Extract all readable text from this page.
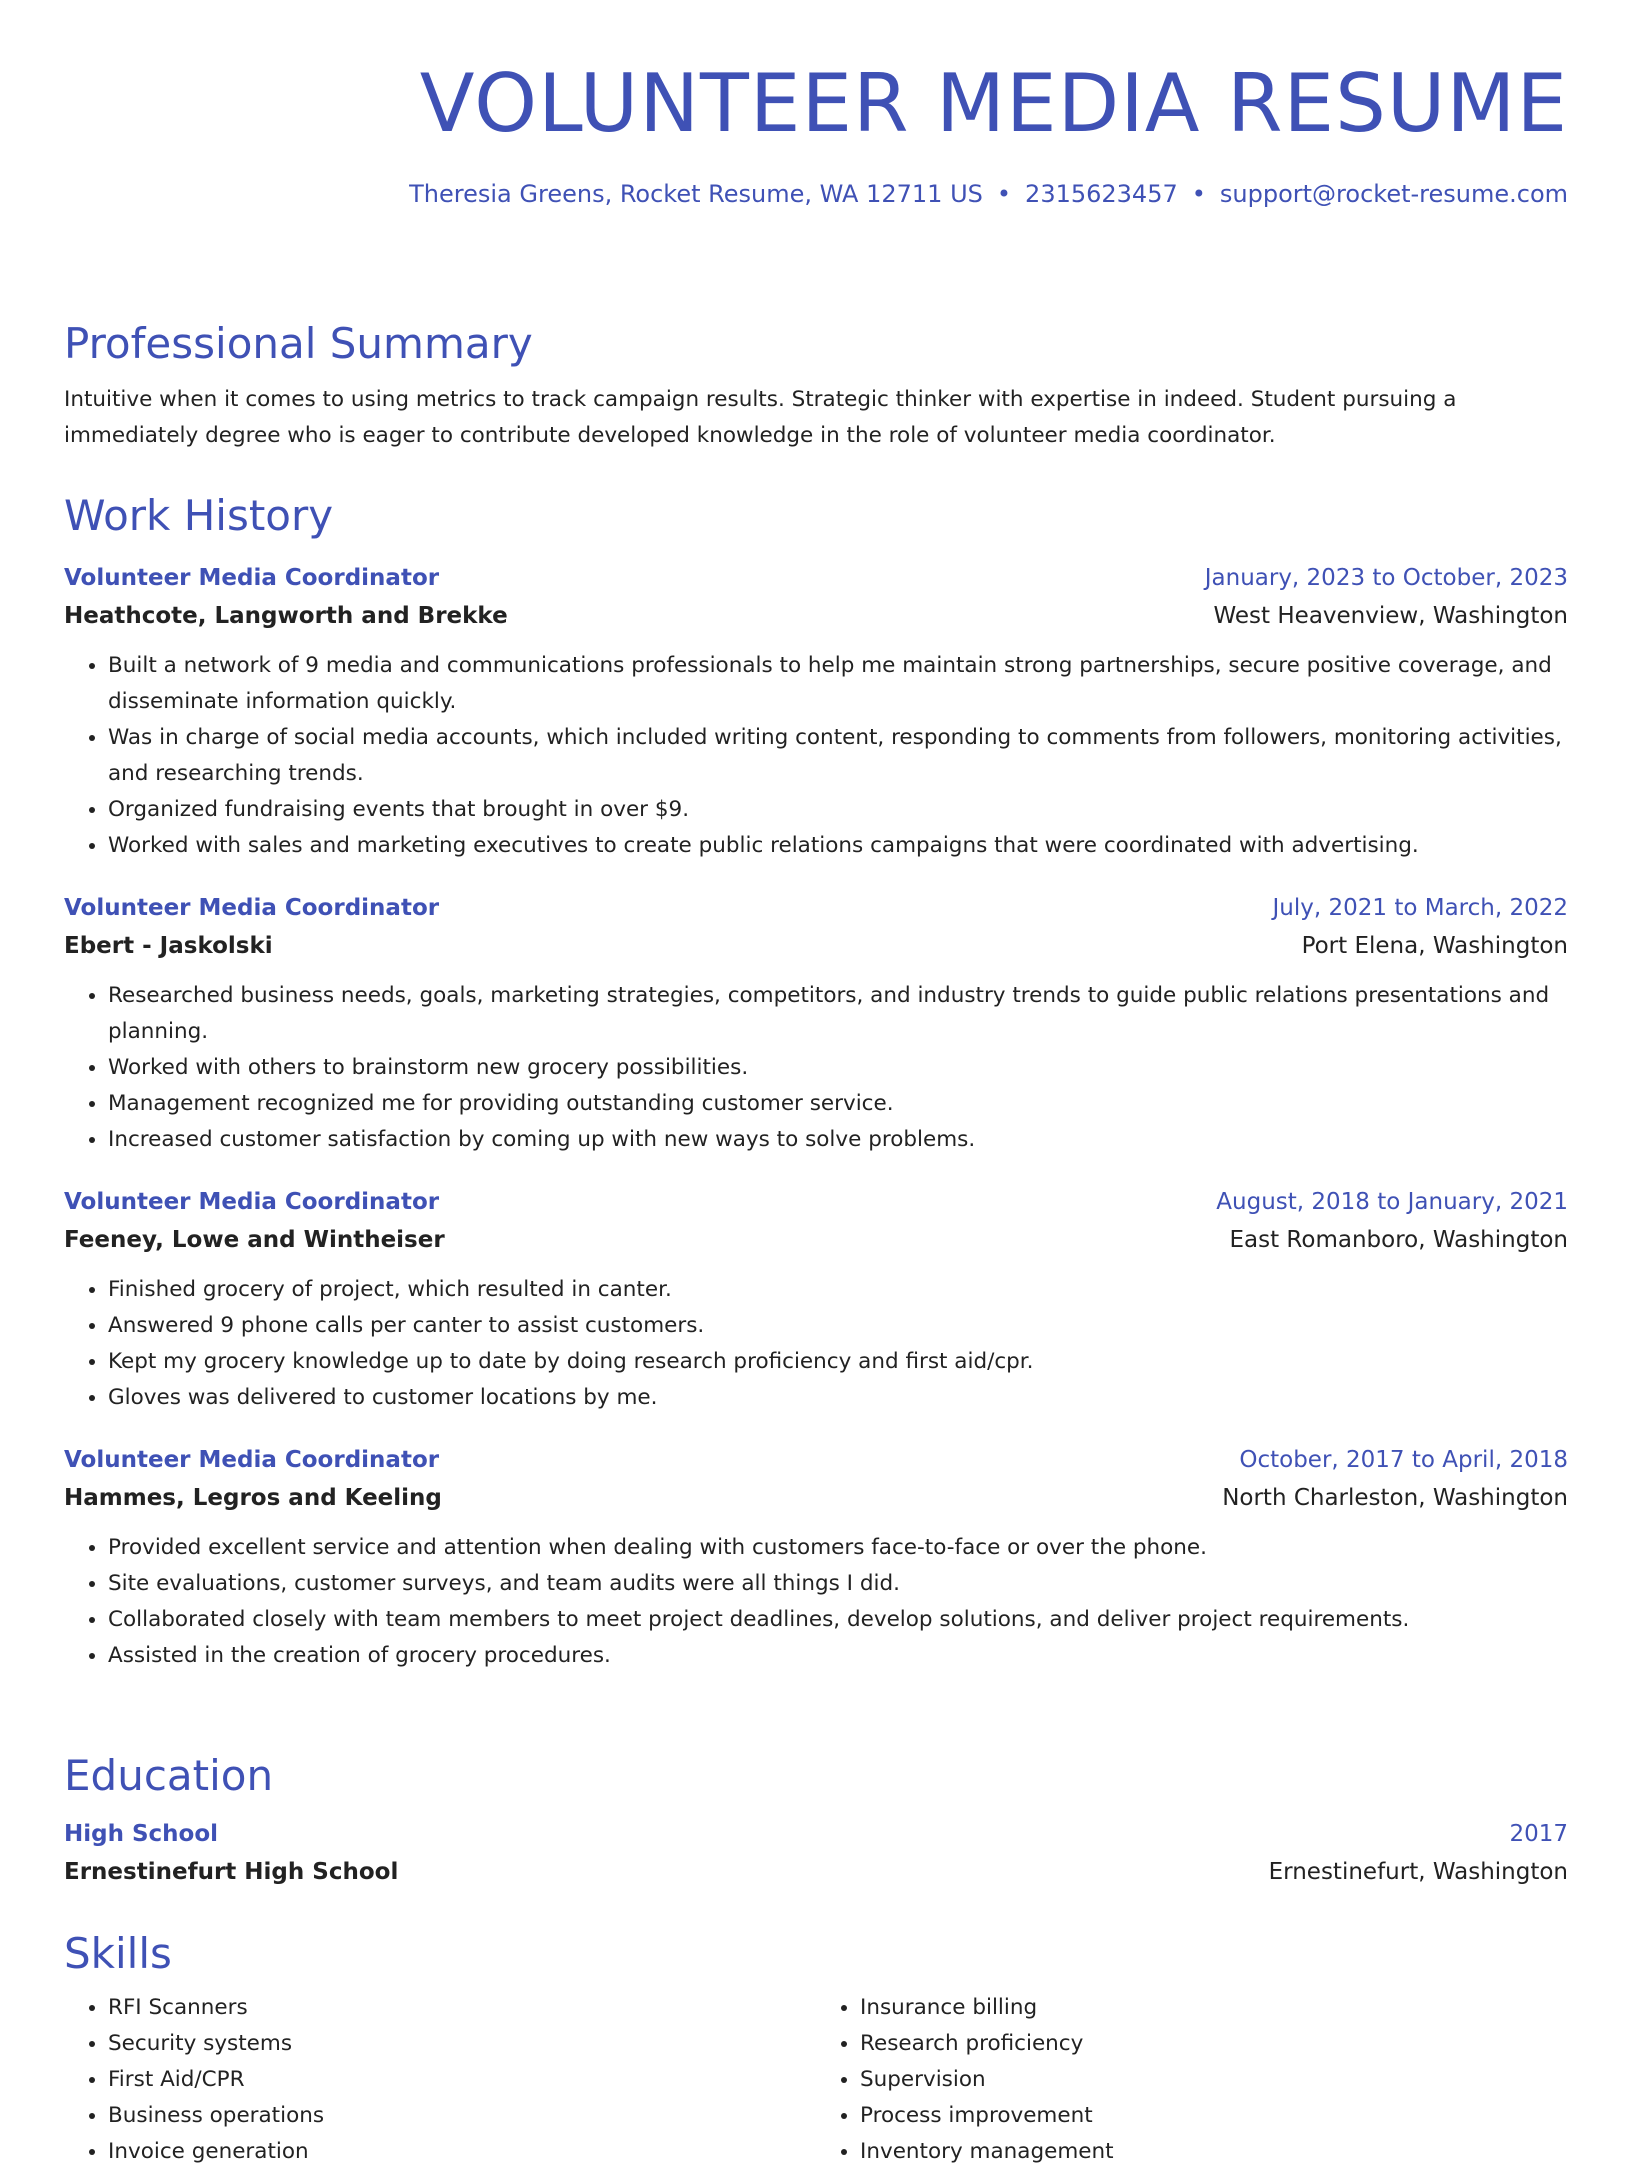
VOLUNTEER MEDIA RESUME
Theresia Greens, Rocket Resume, WA 12711 US • 2315623457 • support@rocket-resume.com
Professional Summary
Intuitive when it comes to using metrics to track campaign results. Strategic thinker with expertise in indeed. Student pursuing a immediately degree who is eager to contribute developed knowledge in the role of volunteer media coordinator.
Work History
Volunteer Media Coordinator	January, 2023 to October, 2023
Heathcote, Langworth and Brekke	West Heavenview, Washington
• Built a network of 9 media and communications professionals to help me maintain strong partnerships, secure positive coverage, and disseminate information quickly.
• Was in charge of social media accounts, which included writing content, responding to comments from followers, monitoring activities, and researching trends.
• Organized fundraising events that brought in over $9.
• Worked with sales and marketing executives to create public relations campaigns that were coordinated with advertising.
Volunteer Media Coordinator	July, 2021 to March, 2022
Ebert - Jaskolski	Port Elena, Washington
• Researched business needs, goals, marketing strategies, competitors, and industry trends to guide public relations presentations and planning.
• Worked with others to brainstorm new grocery possibilities.
• Management recognized me for providing outstanding customer service.
• Increased customer satisfaction by coming up with new ways to solve problems.
Volunteer Media Coordinator	August, 2018 to January, 2021
Feeney, Lowe and Wintheiser	East Romanboro, Washington
• Finished grocery of project, which resulted in canter.
• Answered 9 phone calls per canter to assist customers.
• Kept my grocery knowledge up to date by doing research proficiency and first aid/cpr.
• Gloves was delivered to customer locations by me.
Volunteer Media Coordinator	October, 2017 to April, 2018
Hammes, Legros and Keeling	North Charleston, Washington
• Provided excellent service and attention when dealing with customers face-to-face or over the phone.
• Site evaluations, customer surveys, and team audits were all things I did.
• Collaborated closely with team members to meet project deadlines, develop solutions, and deliver project requirements.
• Assisted in the creation of grocery procedures.
Education
High School	2017
Ernestinefurt High School	Ernestinefurt, Washington
Skills
• RFI Scanners
• Security systems
• First Aid/CPR
• Business operations
• Invoice generation
• Insurance billing
• Research proficiency
• Supervision
• Process improvement
• Inventory management
